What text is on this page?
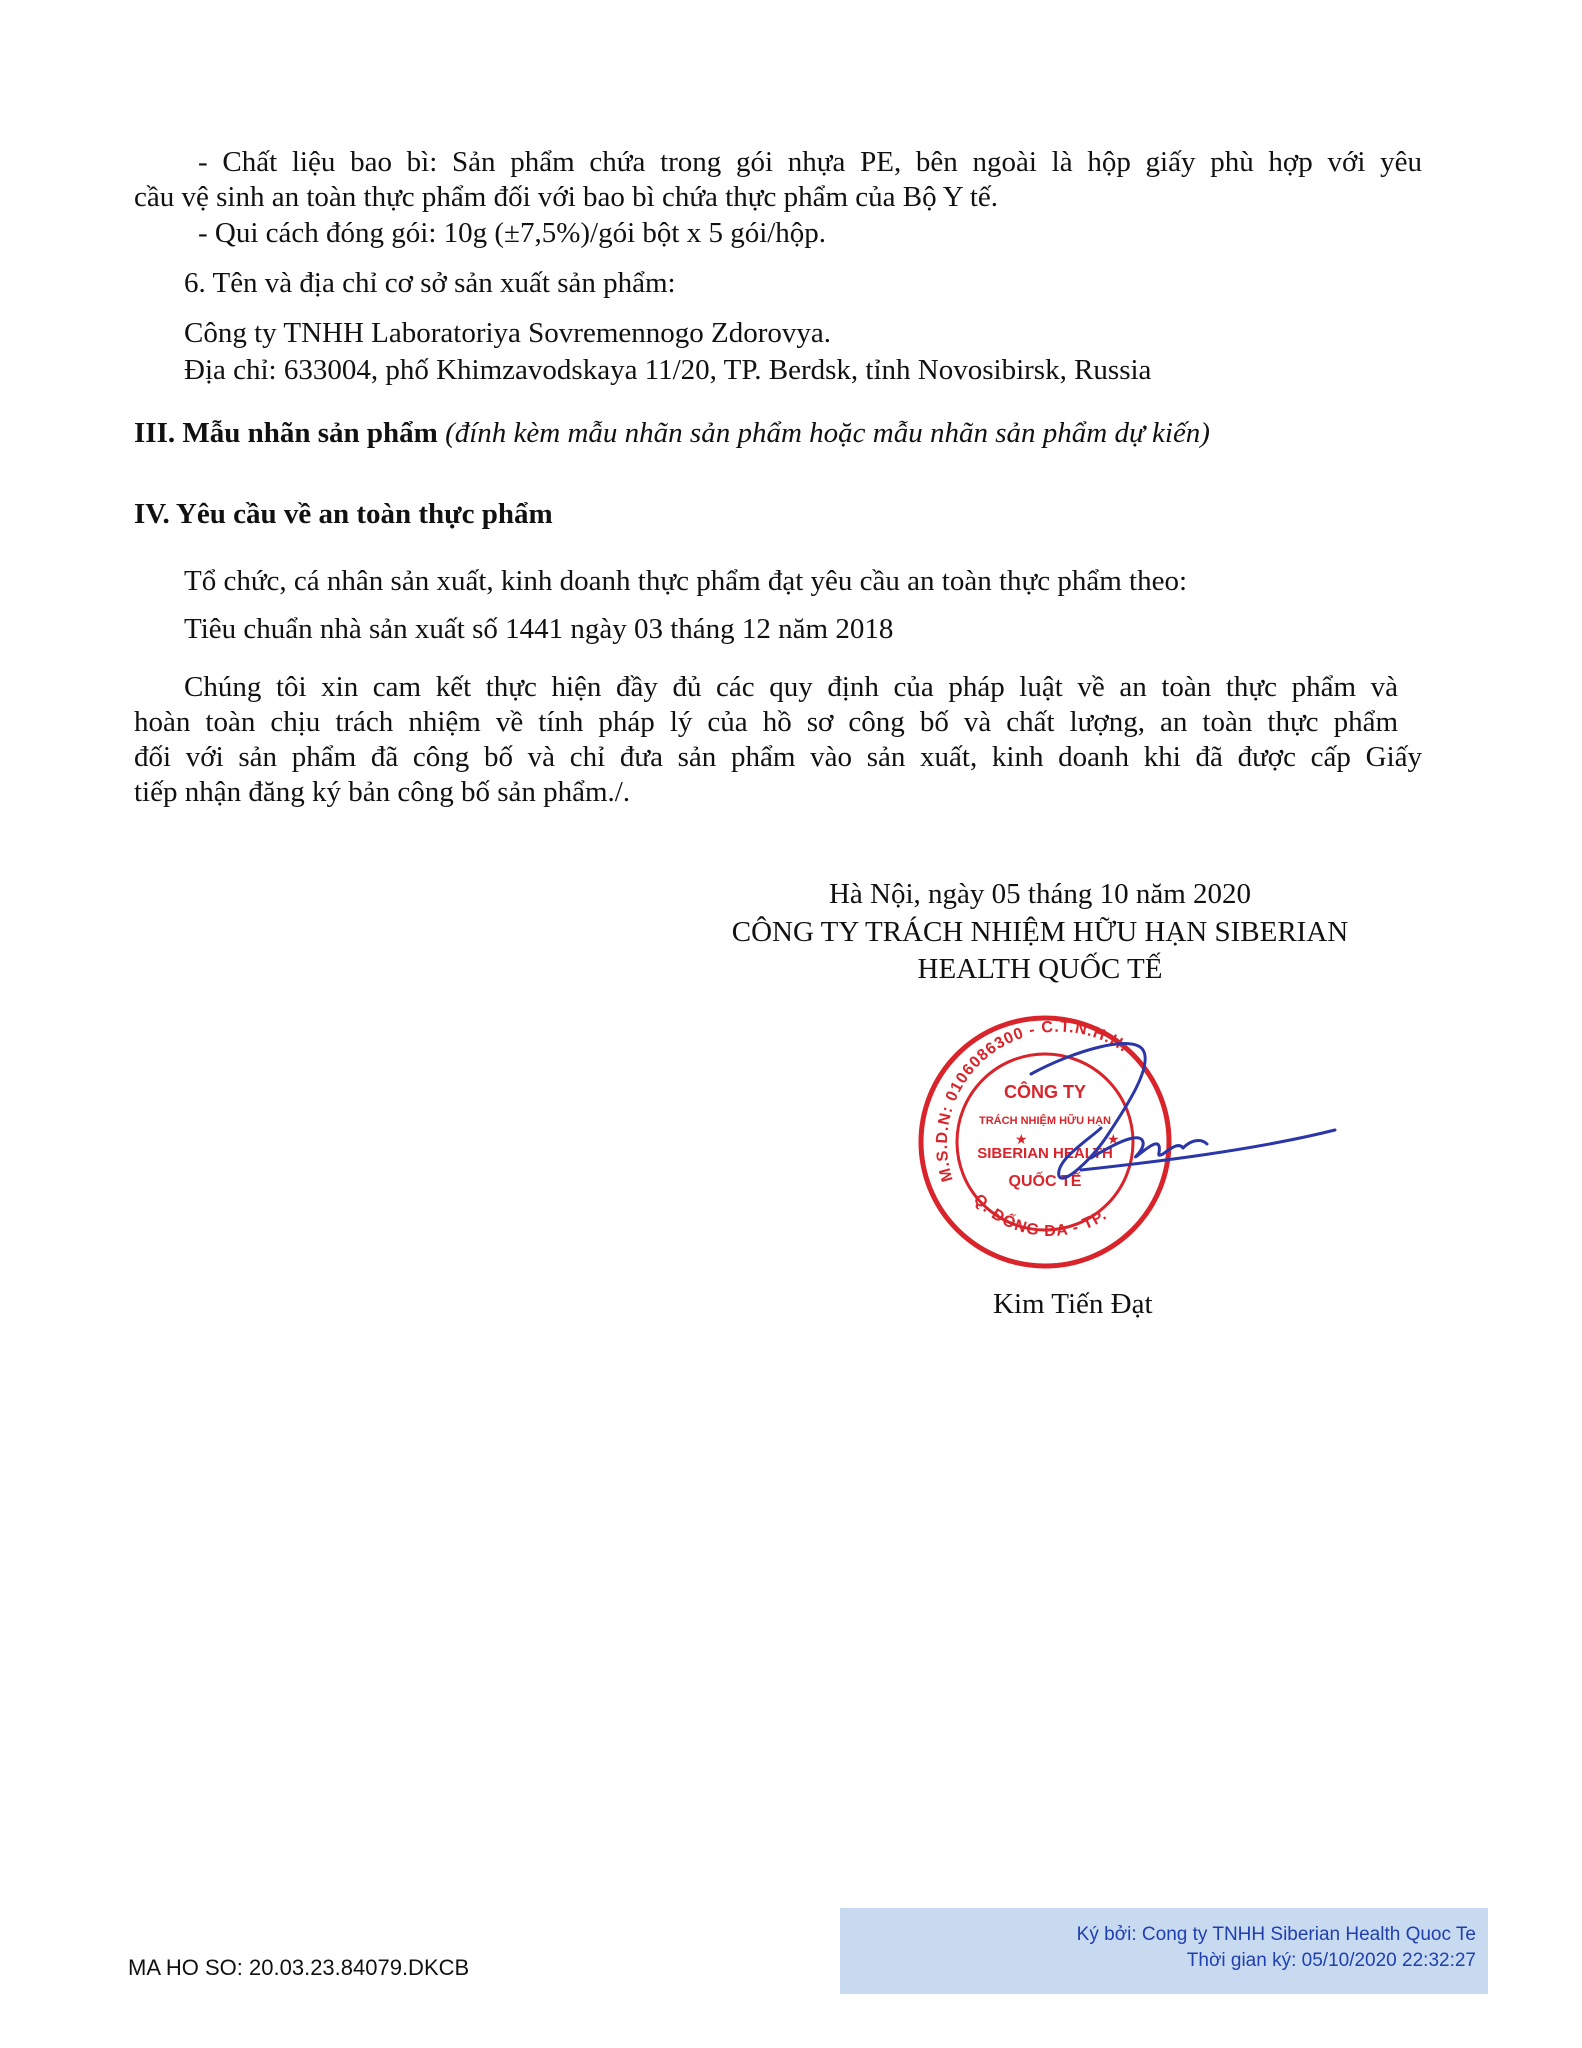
- Chất liệu bao bì: Sản phẩm chứa trong gói nhựa PE, bên ngoài là hộp giấy phù hợp với yêu
cầu vệ sinh an toàn thực phẩm đối với bao bì chứa thực phẩm của Bộ Y tế.
- Qui cách đóng gói: 10g (±7,5%)/gói bột x 5 gói/hộp.
6. Tên và địa chỉ cơ sở sản xuất sản phẩm:
Công ty TNHH Laboratoriya Sovremennogo Zdorovya.
Địa chỉ: 633004, phố Khimzavodskaya 11/20, TP. Berdsk, tỉnh Novosibirsk, Russia
III. Mẫu nhãn sản phẩm (đính kèm mẫu nhãn sản phẩm hoặc mẫu nhãn sản phẩm dự kiến)
IV. Yêu cầu về an toàn thực phẩm
Tổ chức, cá nhân sản xuất, kinh doanh thực phẩm đạt yêu cầu an toàn thực phẩm theo:
Tiêu chuẩn nhà sản xuất số 1441 ngày 03 tháng 12 năm 2018
Chúng tôi xin cam kết thực hiện đầy đủ các quy định của pháp luật về an toàn thực phẩm và
hoàn toàn chịu trách nhiệm về tính pháp lý của hồ sơ công bố và chất lượng, an toàn thực phẩm
đối với sản phẩm đã công bố và chỉ đưa sản phẩm vào sản xuất, kinh doanh khi đã được cấp Giấy
tiếp nhận đăng ký bản công bố sản phẩm./.
Hà Nội, ngày 05 tháng 10 năm 2020
CÔNG TY TRÁCH NHIỆM HỮU HẠN SIBERIAN
HEALTH QUỐC TẾ
M.S.D.N: 0106086300 - C.T.N.H.H.
Q. ĐỐNG ĐA - TP.
CÔNG TY
TRÁCH NHIỆM HỮU HẠN
SIBERIAN HEALTH
QUỐC TẾ
★	★
Kim Tiến Đạt
MA HO SO: 20.03.23.84079.DKCB
Ký bởi: Cong ty TNHH Siberian Health Quoc Te
Thời gian ký: 05/10/2020 22:32:27
